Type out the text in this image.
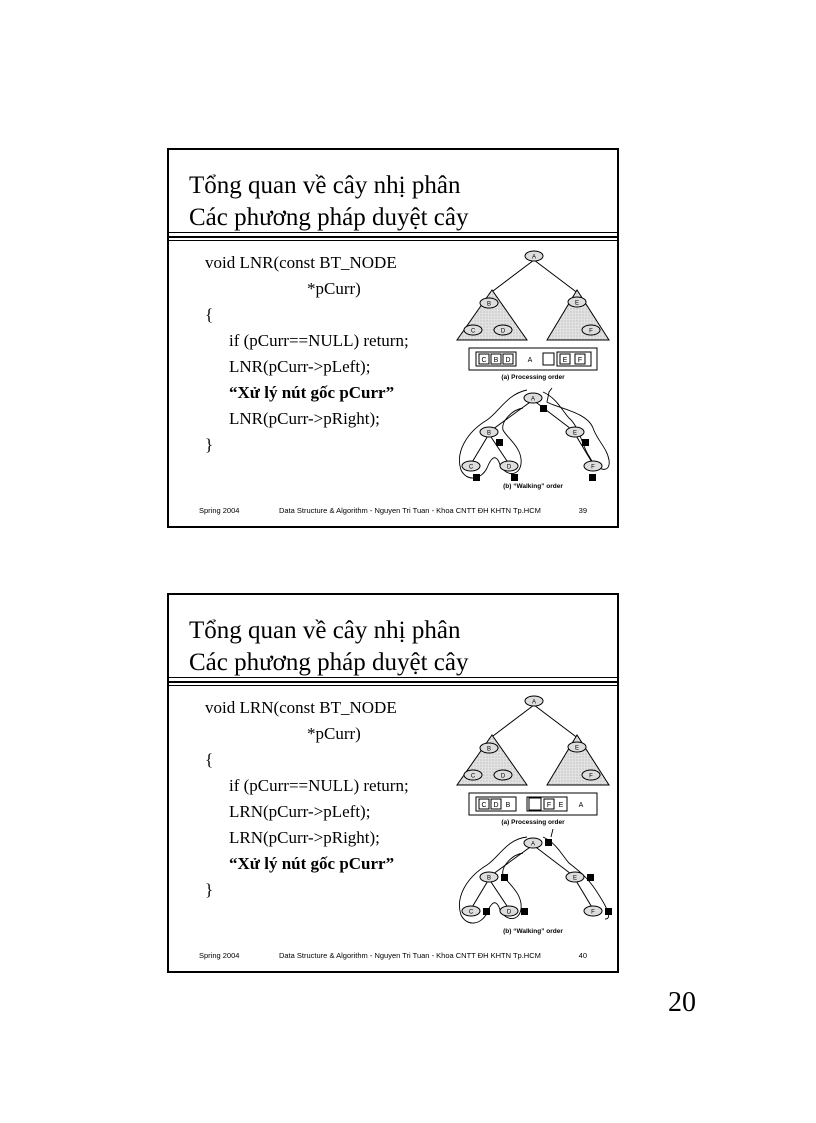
Tổng quan về cây nhị phân
Các phương pháp duyệt cây
void LNR(const BT_NODE
*pCurr)
{
if (pCurr==NULL) return;
LNR(pCurr->pLeft);
“Xử lý nút gốc pCurr”
LNR(pCurr->pRight);
}
A
B	E
C	D	F
C B D A	E F
(a) Processing order
A
B	E
C	D	F
(b) “Walking” order
Spring 2004	Data Structure & Algorithm - Nguyen Tri Tuan - Khoa CNTT ĐH KHTN Tp.HCM	39
Tổng quan về cây nhị phân
Các phương pháp duyệt cây
void LRN(const BT_NODE
*pCurr)
{
if (pCurr==NULL) return;
LRN(pCurr->pLeft);
LRN(pCurr->pRight);
“Xử lý nút gốc pCurr”
}
A
B	E
C	D	F
C D B	F E A
(a) Processing order
A
B	E
C	D	F
(b) “Walking” order
Spring 2004	Data Structure & Algorithm - Nguyen Tri Tuan - Khoa CNTT ĐH KHTN Tp.HCM	40
20
